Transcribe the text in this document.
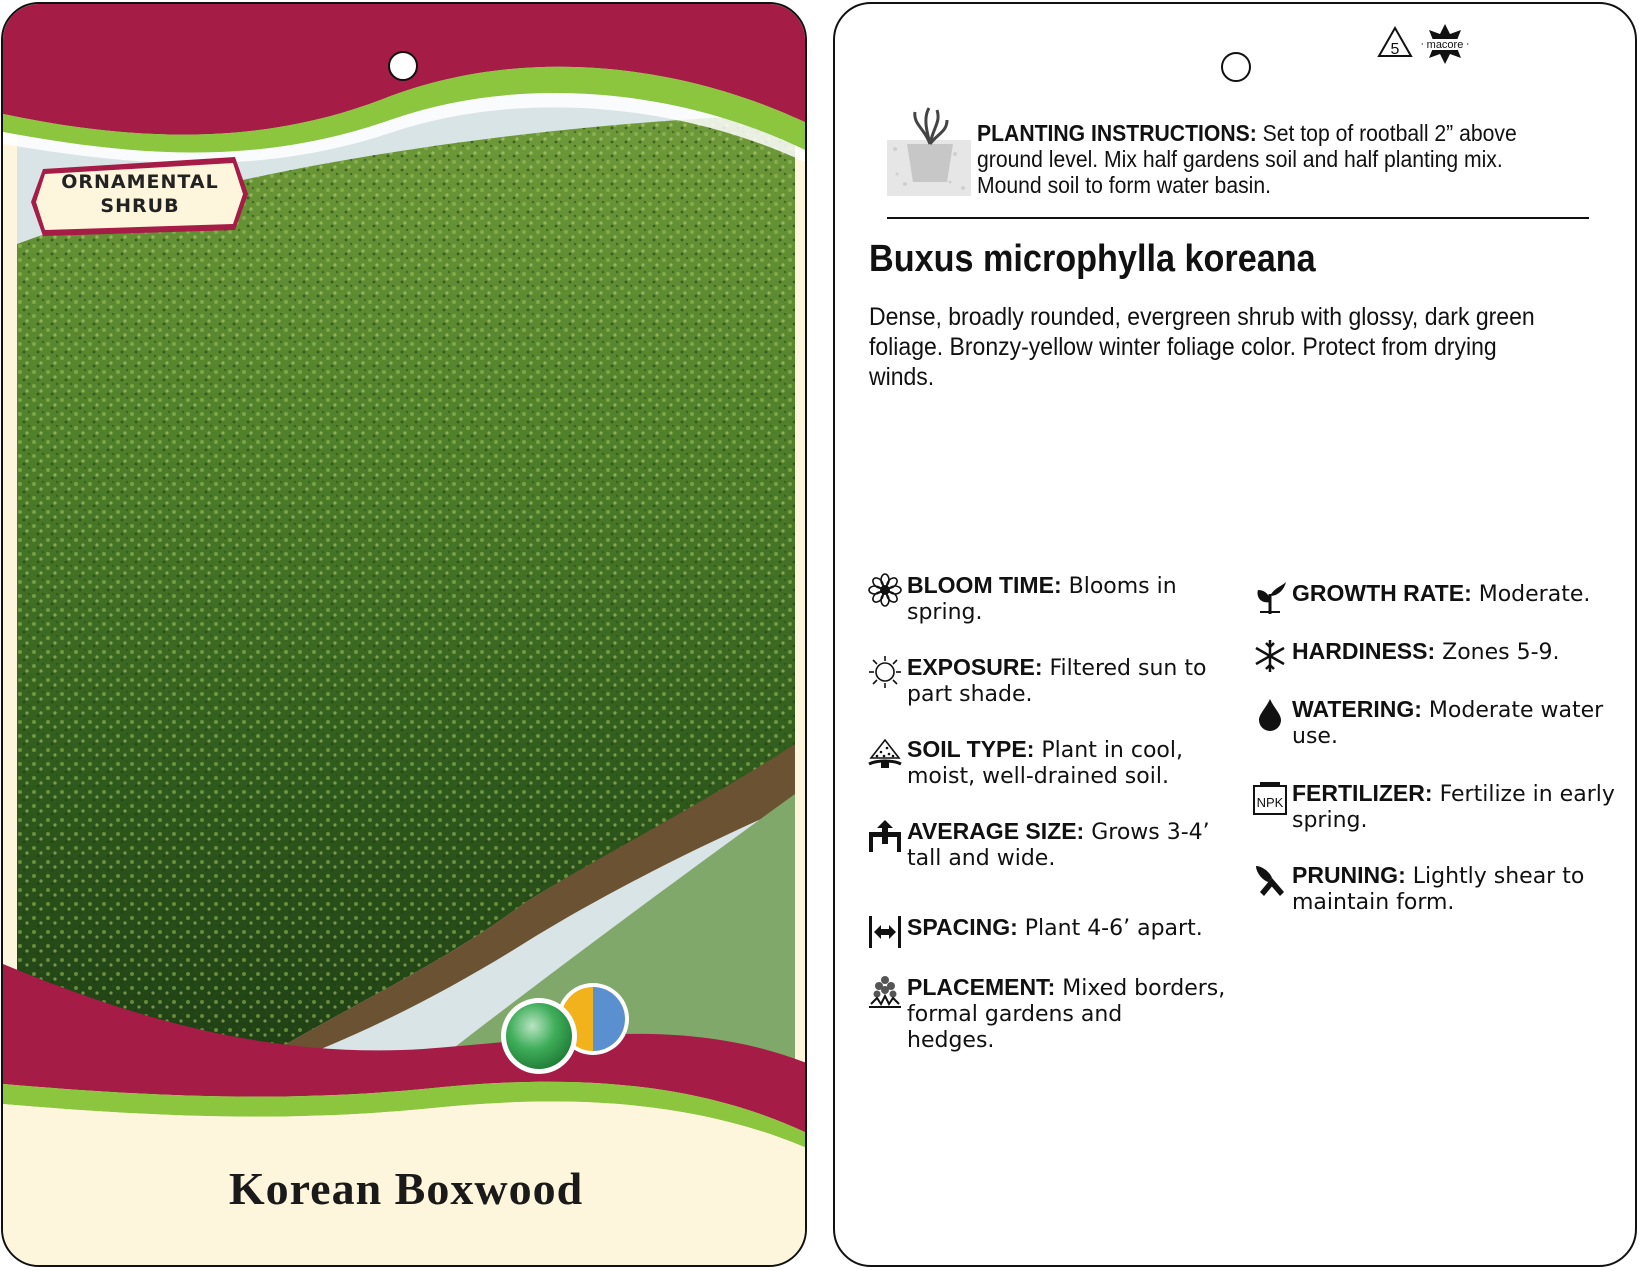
ORNAMENTAL
SHRUB
Korean Boxwood
5 macore
PLANTING INSTRUCTIONS: Set top of rootball 2” above
ground level. Mix half gardens soil and half planting mix.
Mound soil to form water basin.
Buxus microphylla koreana
Dense, broadly rounded, evergreen shrub with glossy, dark green
foliage. Bronzy-yellow winter foliage color. Protect from drying
winds.
BLOOM TIME: Blooms in
spring.
EXPOSURE: Filtered sun to
part shade.
SOIL TYPE: Plant in cool,
moist, well-drained soil.
AVERAGE SIZE: Grows 3-4’
tall and wide.
SPACING: Plant 4-6’ apart.
PLACEMENT: Mixed borders,
formal gardens and
hedges.
GROWTH RATE: Moderate.
HARDINESS: Zones 5-9.
WATERING: Moderate water
use.
NPK FERTILIZER: Fertilize in early
spring.
PRUNING: Lightly shear to
maintain form.
